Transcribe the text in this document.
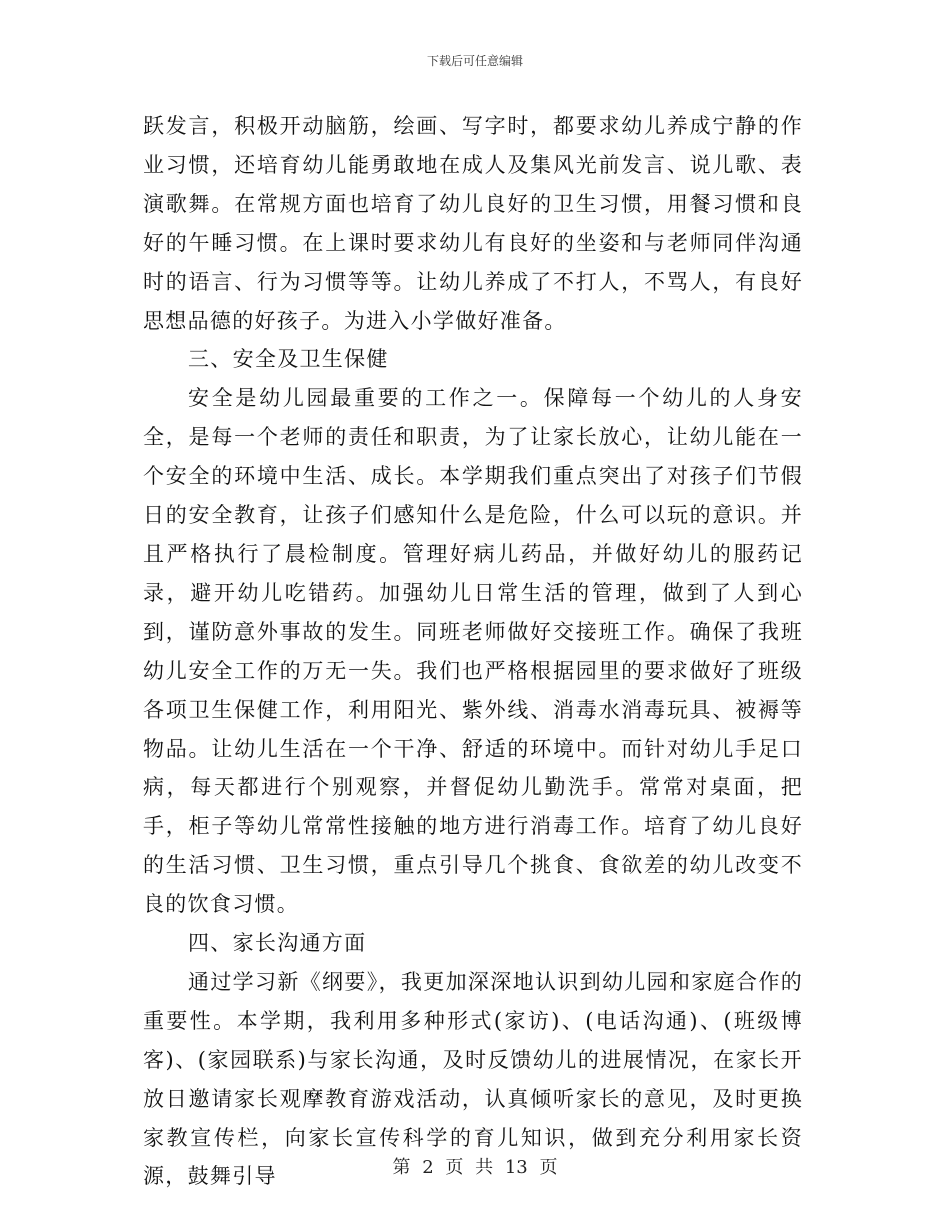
下载后可任意编辑

跃发言，积极开动脑筋，绘画、写字时，都要求幼儿养成宁静的作业习惯，还培育幼儿能勇敢地在成人及集风光前发言、说儿歌、表演歌舞。在常规方面也培育了幼儿良好的卫生习惯，用餐习惯和良好的午睡习惯。在上课时要求幼儿有良好的坐姿和与老师同伴沟通时的语言、行为习惯等等。让幼儿养成了不打人，不骂人，有良好思想品德的好孩子。为进入小学做好准备。

三、安全及卫生保健

安全是幼儿园最重要的工作之一。保障每一个幼儿的人身安全，是每一个老师的责任和职责，为了让家长放心，让幼儿能在一个安全的环境中生活、成长。本学期我们重点突出了对孩子们节假日的安全教育，让孩子们感知什么是危险，什么可以玩的意识。并且严格执行了晨检制度。管理好病儿药品，并做好幼儿的服药记录，避开幼儿吃错药。加强幼儿日常生活的管理，做到了人到心到，谨防意外事故的发生。同班老师做好交接班工作。确保了我班幼儿安全工作的万无一失。我们也严格根据园里的要求做好了班级各项卫生保健工作，利用阳光、紫外线、消毒水消毒玩具、被褥等物品。让幼儿生活在一个干净、舒适的环境中。而针对幼儿手足口病，每天都进行个别观察，并督促幼儿勤洗手。常常对桌面，把手，柜子等幼儿常常性接触的地方进行消毒工作。培育了幼儿良好的生活习惯、卫生习惯，重点引导几个挑食、食欲差的幼儿改变不良的饮食习惯。

四、家长沟通方面

通过学习新《纲要》，我更加深深地认识到幼儿园和家庭合作的重要性。本学期，我利用多种形式(家访)、(电话沟通)、(班级博客)、(家园联系)与家长沟通，及时反馈幼儿的进展情况，在家长开放日邀请家长观摩教育游戏活动，认真倾听家长的意见，及时更换家教宣传栏，向家长宣传科学的育儿知识，做到充分利用家长资源，鼓舞引导	第 2 页 共 13 页
